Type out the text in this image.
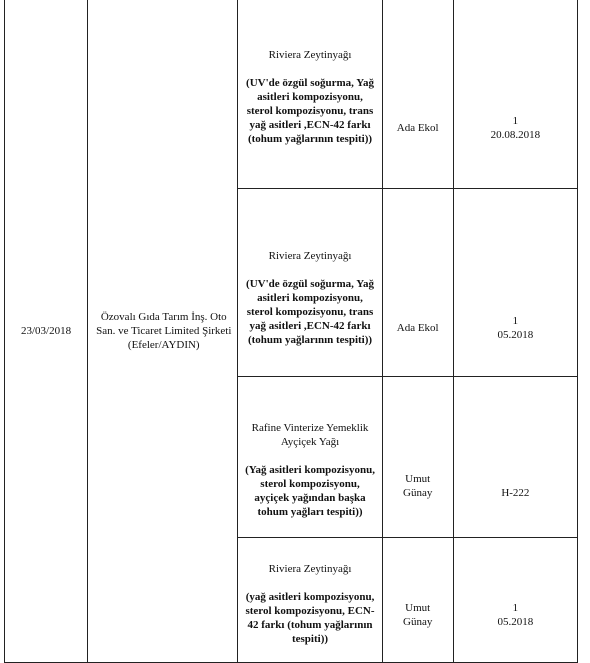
23/03/2018	Özovalı Gıda Tarım İnş. Oto San. ve Ticaret Limited Şirketi (Efeler/AYDIN)	Riviera Zeytinyağı
(UV'de özgül soğurma, Yağ asitleri kompozisyonu, sterol kompozisyonu, trans yağ asitleri ,ECN-42 farkı (tohum yağlarının tespiti))	Ada Ekol	1
20.08.2018

		Riviera Zeytinyağı
(UV'de özgül soğurma, Yağ asitleri kompozisyonu, sterol kompozisyonu, trans yağ asitleri ,ECN-42 farkı (tohum yağlarının tespiti))	Ada Ekol	1
05.2018

		Rafine Vinterize Yemeklik Ayçiçek Yağı
(Yağ asitleri kompozisyonu, sterol kompozisyonu, ayçiçek yağından başka tohum yağları tespiti))	Umut
Günay	H-222

		Riviera Zeytinyağı
(yağ asitleri kompozisyonu, sterol kompozisyonu, ECN-42 farkı (tohum yağlarının tespiti))	Umut
Günay	1
05.2018
